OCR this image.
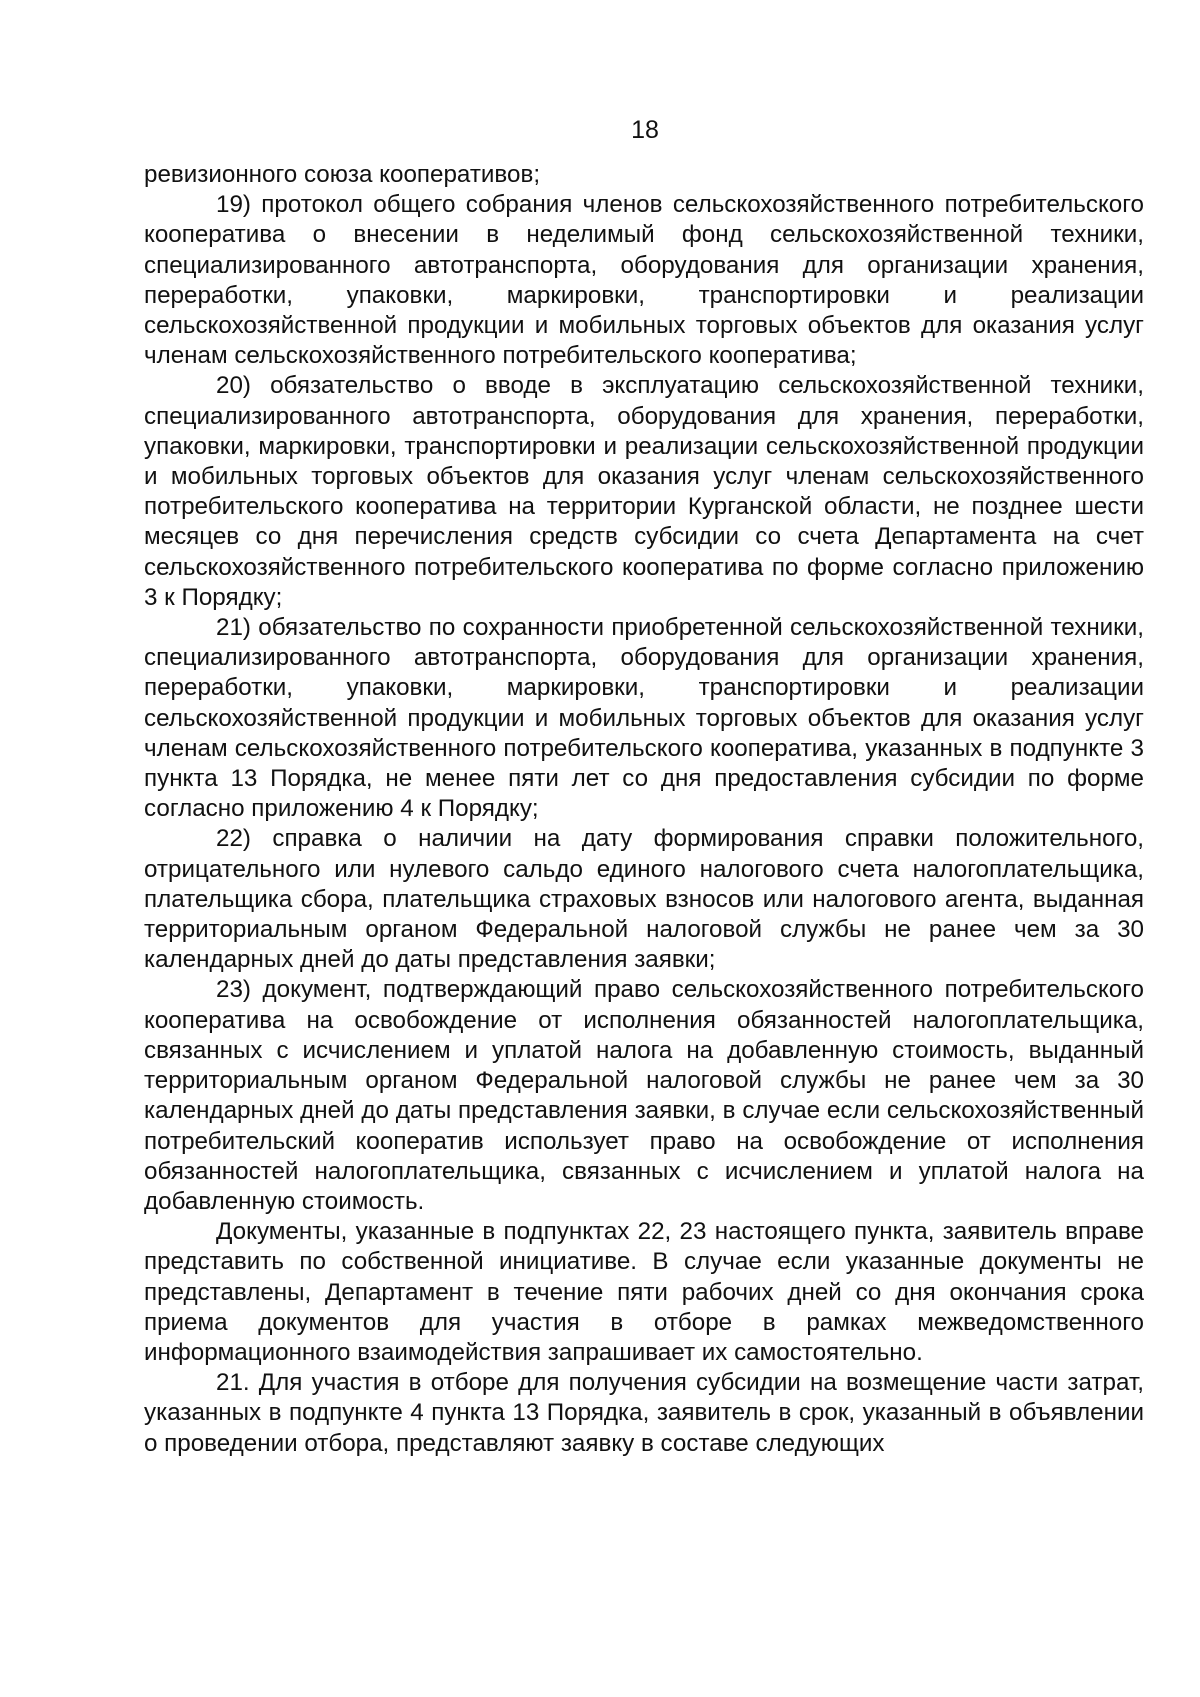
18

ревизионного союза кооперативов;

19) протокол общего собрания членов сельскохозяйственного потребительского кооператива о внесении в неделимый фонд сельскохозяйственной техники, специализированного автотранспорта, оборудования для организации хранения, переработки, упаковки, маркировки, транспортировки и реализации сельскохозяйственной продукции и мобильных торговых объектов для оказания услуг членам сельскохозяйственного потребительского кооператива;

20) обязательство о вводе в эксплуатацию сельскохозяйственной техники, специализированного автотранспорта, оборудования для хранения, переработки, упаковки, маркировки, транспортировки и реализации сельскохозяйственной продукции и мобильных торговых объектов для оказания услуг членам сельскохозяйственного потребительского кооператива на территории Курганской области, не позднее шести месяцев со дня перечисления средств субсидии со счета Департамента на счет сельскохозяйственного потребительского кооператива по форме согласно приложению 3 к Порядку;

21) обязательство по сохранности приобретенной сельскохозяйственной техники, специализированного автотранспорта, оборудования для организации хранения, переработки, упаковки, маркировки, транспортировки и реализации сельскохозяйственной продукции и мобильных торговых объектов для оказания услуг членам сельскохозяйственного потребительского кооператива, указанных в подпункте 3 пункта 13 Порядка, не менее пяти лет со дня предоставления субсидии по форме согласно приложению 4 к Порядку;

22) справка о наличии на дату формирования справки положительного, отрицательного или нулевого сальдо единого налогового счета налогоплательщика, плательщика сбора, плательщика страховых взносов или налогового агента, выданная территориальным органом Федеральной налоговой службы не ранее чем за 30 календарных дней до даты представления заявки;

23) документ, подтверждающий право сельскохозяйственного потребительского кооператива на освобождение от исполнения обязанностей налогоплательщика, связанных с исчислением и уплатой налога на добавленную стоимость, выданный территориальным органом Федеральной налоговой службы не ранее чем за 30 календарных дней до даты представления заявки, в случае если сельскохозяйственный потребительский кооператив использует право на освобождение от исполнения обязанностей налогоплательщика, связанных с исчислением и уплатой налога на добавленную стоимость.

Документы, указанные в подпунктах 22, 23 настоящего пункта, заявитель вправе представить по собственной инициативе. В случае если указанные документы не представлены, Департамент в течение пяти рабочих дней со дня окончания срока приема документов для участия в отборе в рамках межведомственного информационного взаимодействия запрашивает их самостоятельно.

21. Для участия в отборе для получения субсидии на возмещение части затрат, указанных в подпункте 4 пункта 13 Порядка, заявитель в срок, указанный в объявлении о проведении отбора, представляют заявку в составе следующих
